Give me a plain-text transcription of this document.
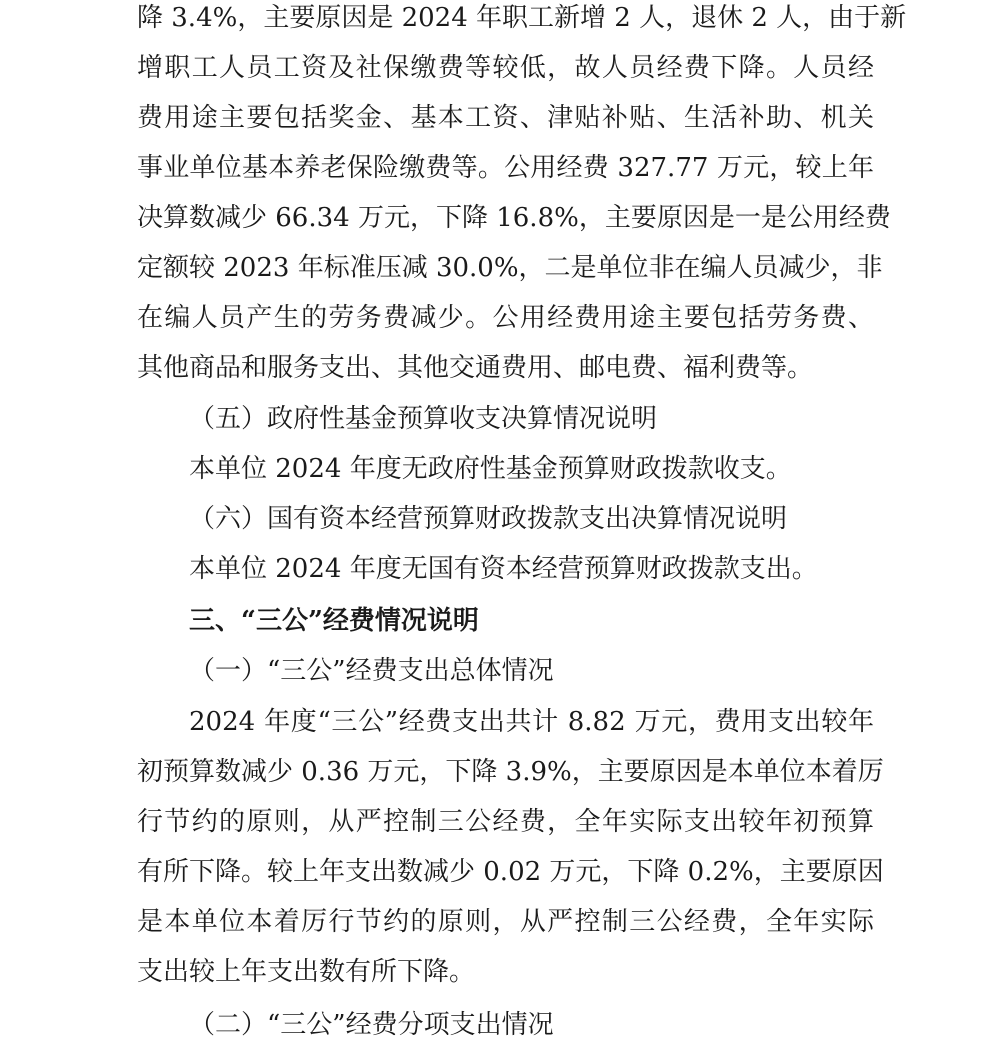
降 3.4%，主要原因是 2024 年职工新增 2 人，退休 2 人，由于新
增职工人员工资及社保缴费等较低，故人员经费下降。人员经
费用途主要包括奖金、基本工资、津贴补贴、生活补助、机关
事业单位基本养老保险缴费等。公用经费 327.77 万元，较上年
决算数减少 66.34 万元，下降 16.8%，主要原因是一是公用经费
定额较 2023 年标准压减 30.0%，二是单位非在编人员减少，非
在编人员产生的劳务费减少。公用经费用途主要包括劳务费、
其他商品和服务支出、其他交通费用、邮电费、福利费等。
（五）政府性基金预算收支决算情况说明
本单位 2024 年度无政府性基金预算财政拨款收支。
（六）国有资本经营预算财政拨款支出决算情况说明
本单位 2024 年度无国有资本经营预算财政拨款支出。
三、“三公”经费情况说明
（一）“三公”经费支出总体情况
2024 年度“三公”经费支出共计 8.82 万元，费用支出较年
初预算数减少 0.36 万元，下降 3.9%，主要原因是本单位本着厉
行节约的原则，从严控制三公经费，全年实际支出较年初预算
有所下降。较上年支出数减少 0.02 万元，下降 0.2%，主要原因
是本单位本着厉行节约的原则，从严控制三公经费，全年实际
支出较上年支出数有所下降。
（二）“三公”经费分项支出情况
